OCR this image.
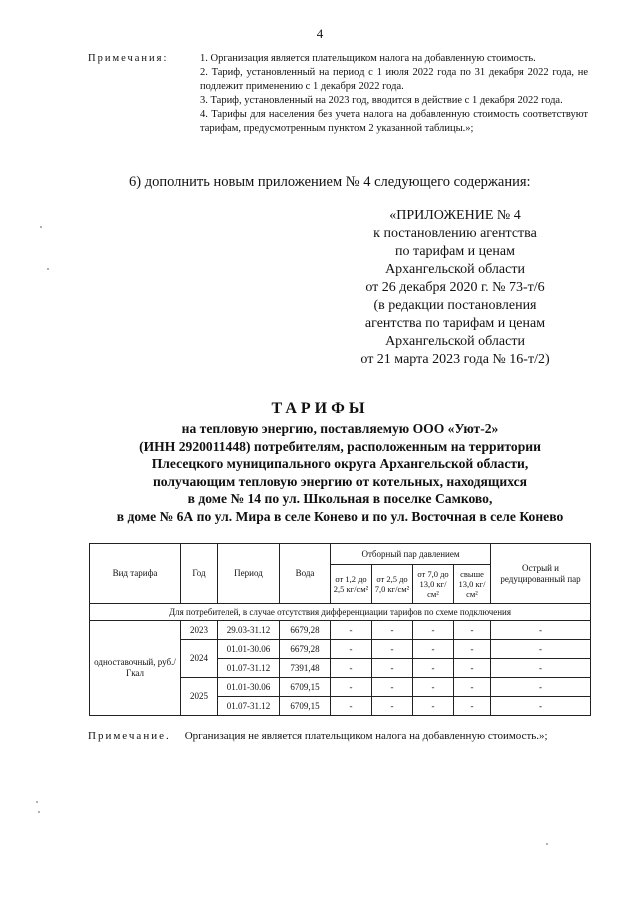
4
Примечания:	1. Организация является плательщиком налога на добавленную стоимость.
2. Тариф, установленный на период с 1 июля 2022 года по 31 декабря 2022 года, не подлежит применению с 1 декабря 2022 года.
3. Тариф, установленный на 2023 год, вводится в действие с 1 декабря 2022 года.
4. Тарифы для населения без учета налога на добавленную стоимость соответствуют тарифам, предусмотренным пунктом 2 указанной таблицы.»;
6) дополнить новым приложением № 4 следующего содержания:
«ПРИЛОЖЕНИЕ № 4
к постановлению агентства
по тарифам и ценам
Архангельской области
от 26 декабря 2020 г. № 73-т/6
(в редакции постановления
агентства по тарифам и ценам
Архангельской области
от 21 марта 2023 года № 16-т/2)
ТАРИФЫ
на тепловую энергию, поставляемую ООО «Уют-2»
(ИНН 2920011448) потребителям, расположенным на территории
Плесецкого муниципального округа Архангельской области,
получающим тепловую энергию от котельных, находящихся
в доме № 14 по ул. Школьная в поселке Самково,
в доме № 6А по ул. Мира в селе Конево и по ул. Восточная в селе Конево
Вид тарифа	Год	Период	Вода	Отборный пар давлением				Острый и редуцированный пар
				от 1,2 до 2,5 кг/см²	от 2,5 до 7,0 кг/см²	от 7,0 до 13,0 кг/см²	свыше 13,0 кг/см²	
Для потребителей, в случае отсутствия дифференциации тарифов по схеме подключения								
одноставочный, руб./Гкал	2023	29.03-31.12	6679,28	-	-	-	-	-
	2024	01.01-30.06	6679,28	-	-	-	-	-
		01.07-31.12	7391,48	-	-	-	-	-
	2025	01.01-30.06	6709,15	-	-	-	-	-
		01.07-31.12	6709,15	-	-	-	-	-
Примечание. Организация не является плательщиком налога на добавленную стоимость.»;
